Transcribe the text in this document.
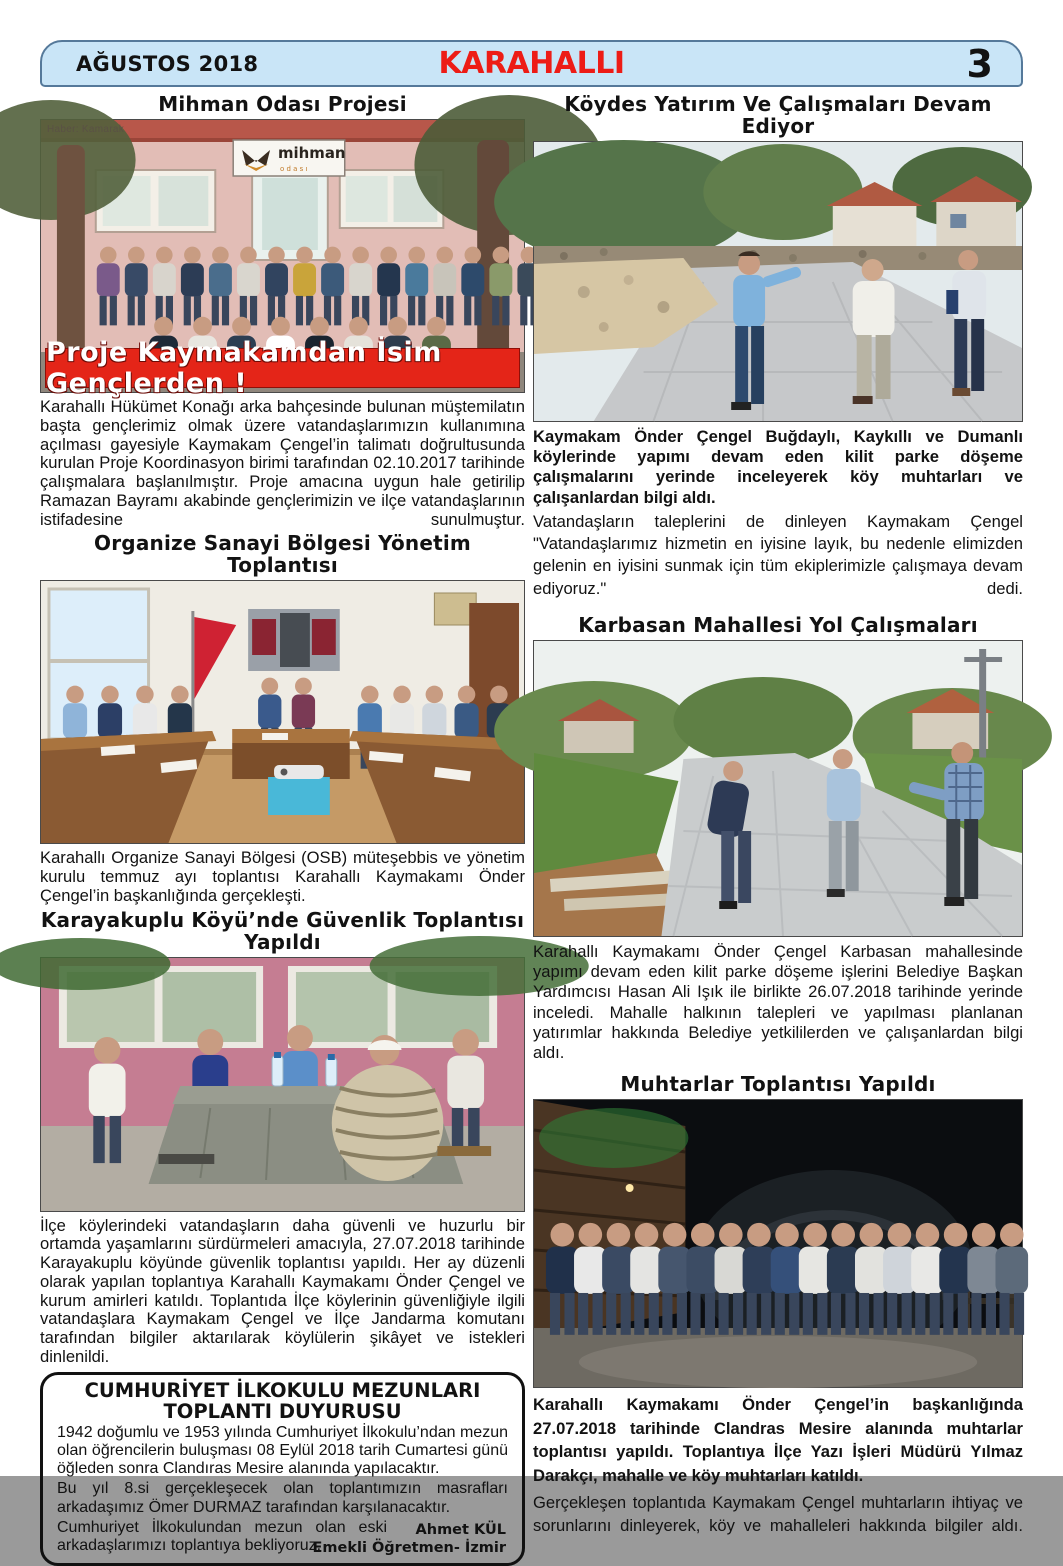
AĞUSTOS 2018	KARAHALLI	3
Mihman Odası Projesi
mihman
o d a s ı
Haber: Kamarak
Proje Kaymakamdan İsim Gençlerden !

Karahallı Hükümet Konağı arka bahçesinde bulunan müştemilatın başta gençlerimiz olmak üzere vatandaşlarımızın kullanımına açılması gayesiyle Kaymakam Çengel’in talimatı doğrultusunda kurulan Proje Koordinasyon birimi tarafından 02.10.2017 tarihinde çalışmalara başlanılmıştır. Proje amacına uygun hale getirilip Ramazan Bayramı akabinde gençlerimizin ve ilçe vatandaşlarının istifadesine sunulmuştur.

Organize Sanayi Bölgesi Yönetim Toplantısı

Karahallı Organize Sanayi Bölgesi (OSB) müteşebbis ve yönetim kurulu temmuz ayı toplantısı Karahallı Kaymakamı Önder Çengel’in başkanlığında gerçekleşti.

Karayakuplu Köyü’nde Güvenlik Toplantısı Yapıldı

İlçe köylerindeki vatandaşların daha güvenli ve huzurlu bir ortamda yaşamlarını sürdürmeleri amacıyla, 27.07.2018 tarihinde Karayakuplu köyünde güvenlik toplantısı yapıldı. Her ay düzenli olarak yapılan toplantıya Karahallı Kaymakamı Önder Çengel ve kurum amirleri katıldı. Toplantıda İlçe köylerinin güvenliğiyle ilgili vatandaşlara Kaymakam Çengel ve İlçe Jandarma komutanı tarafından bilgiler aktarılarak köylülerin şikâyet ve istekleri dinlenildi.

CUMHURİYET İLKOKULU MEZUNLARI
TOPLANTI DUYURUSU

1942 doğumlu ve 1953 yılında Cumhuriyet İlkokulu’ndan mezun olan öğrencilerin buluşması 08 Eylül 2018 tarih Cumartesi günü öğleden sonra Clandıras Mesire alanında yapılacaktır.

Bu yıl 8.si gerçekleşecek olan toplantımızın masrafları arkadaşımız Ömer DURMAZ tarafından karşılanacaktır.

Cumhuriyet İlkokulundan mezun olan eski arkadaşlarımızı toplantıya bekliyoruz.

Ahmet KÜL
Emekli Öğretmen- İzmir
Köydes Yatırım Ve Çalışmaları Devam Ediyor

Kaymakam Önder Çengel Buğdaylı, Kaykıllı ve Dumanlı köylerinde yapımı devam eden kilit parke döşeme çalışmalarını yerinde inceleyerek köy muhtarları ve çalışanlardan bilgi aldı.

Vatandaşların taleplerini de dinleyen Kaymakam Çengel "Vatandaşlarımız hizmetin en iyisine layık, bu nedenle elimizden gelenin en iyisini sunmak için tüm ekiplerimizle çalışmaya devam ediyoruz." dedi.

Karbasan Mahallesi Yol Çalışmaları

Karahallı Kaymakamı Önder Çengel Karbasan mahallesinde yapımı devam eden kilit parke döşeme işlerini Belediye Başkan Yardımcısı Hasan Ali Işık ile birlikte 26.07.2018 tarihinde yerinde inceledi. Mahalle halkının talepleri ve yapılması planlanan yatırımlar hakkında Belediye yetkililerden ve çalışanlardan bilgi aldı.

Muhtarlar Toplantısı Yapıldı

Karahallı Kaymakamı Önder Çengel’in başkanlığında 27.07.2018 tarihinde Clandras Mesire alanında muhtarlar toplantısı yapıldı. Toplantıya İlçe Yazı İşleri Müdürü Yılmaz Darakçı, mahalle ve köy muhtarları katıldı.

Gerçekleşen toplantıda Kaymakam Çengel muhtarların ihtiyaç ve sorunlarını dinleyerek, köy ve mahalleleri hakkında bilgiler aldı.
